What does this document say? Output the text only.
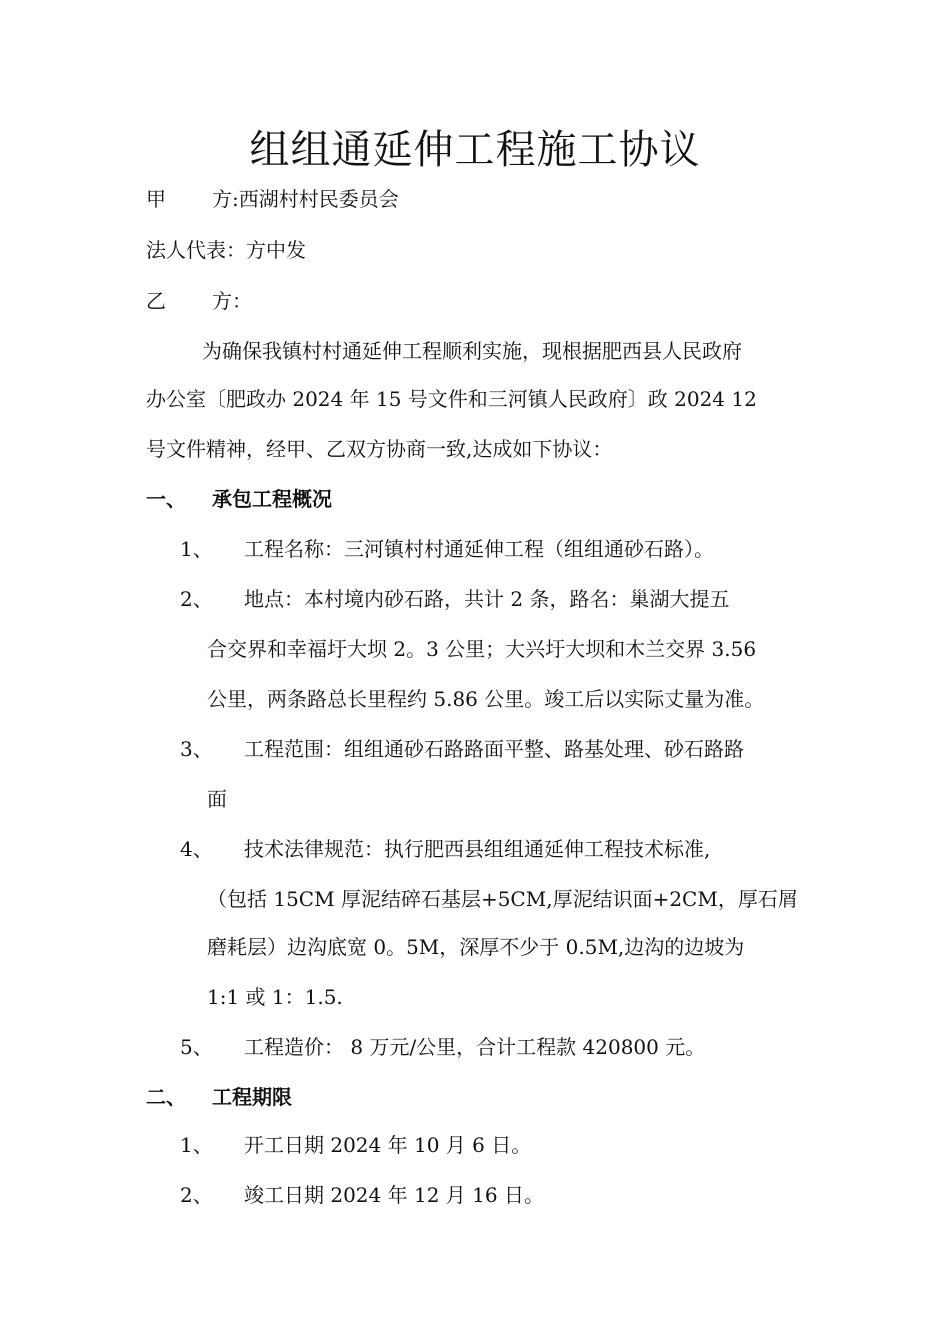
组组通延伸工程施工协议
甲 方:西湖村村民委员会
法人代表：方中发
乙 方：
为确保我镇村村通延伸工程顺利实施，现根据肥西县人民政府
办公室〔肥政办 2024 年 15 号文件和三河镇人民政府〕政 2024 12
号文件精神，经甲、乙双方协商一致,达成如下协议：
一、 承包工程概况
1、 工程名称：三河镇村村通延伸工程（组组通砂石路）。
2、 地点：本村境内砂石路，共计 2 条，路名：巢湖大提五
合交界和幸福圩大坝 2。3 公里；大兴圩大坝和木兰交界 3.56
公里，两条路总长里程约 5.86 公里。竣工后以实际丈量为准。
3、 工程范围：组组通砂石路路面平整、路基处理、砂石路路
面
4、 技术法律规范：执行肥西县组组通延伸工程技术标准,
（包括 15CM 厚泥结碎石基层+5CM,厚泥结识面+2CM，厚石屑
磨耗层）边沟底宽 0。5M，深厚不少于 0.5M,边沟的边坡为
1:1 或 1：1.5.
5、 工程造价： 8 万元/公里，合计工程款 420800 元。
二、 工程期限
1、 开工日期 2024 年 10 月 6 日。
2、 竣工日期 2024 年 12 月 16 日。
